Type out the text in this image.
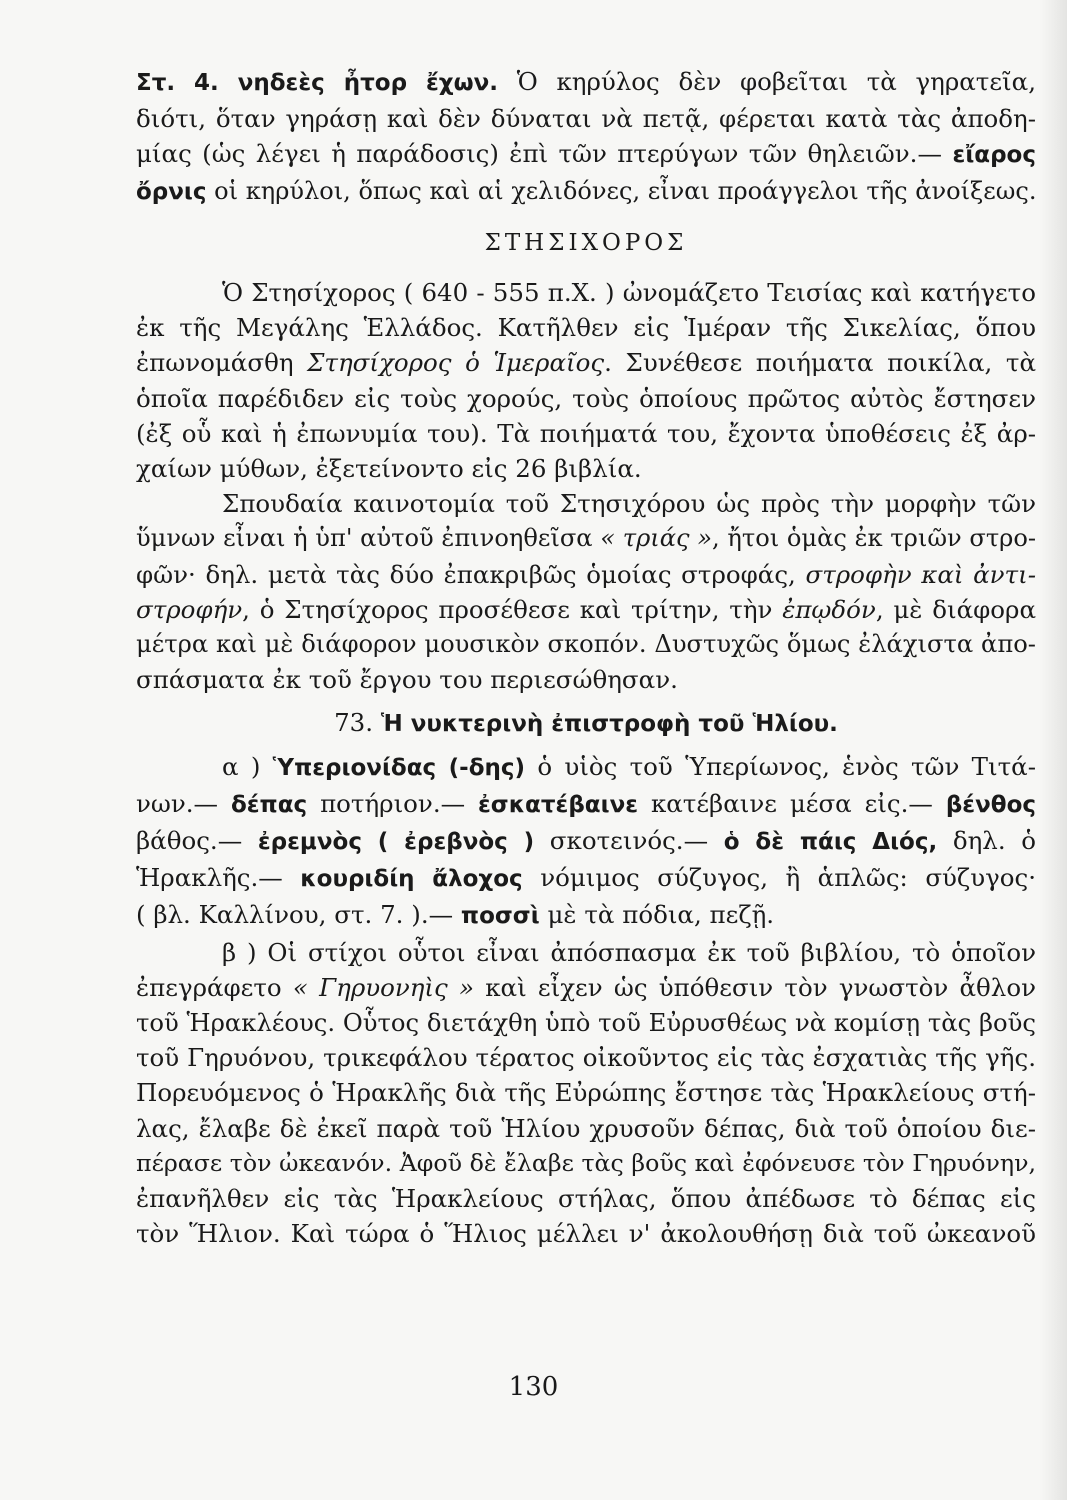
Στ. 4. νηδεὲς ἦτορ ἔχων. Ὁ κηρύλος δὲν φοβεῖται τὰ γηρατεῖα,
διότι, ὅταν γηράσῃ καὶ δὲν δύναται νὰ πετᾷ, φέρεται κατὰ τὰς ἀποδη-
μίας (ὡς λέγει ἡ παράδοσις) ἐπὶ τῶν πτερύγων τῶν θηλειῶν.— εἴαρος
ὄρνις οἱ κηρύλοι, ὅπως καὶ αἱ χελιδόνες, εἶναι προάγγελοι τῆς ἀνοίξεως.
ΣΤΗΣΙΧΟΡΟΣ
Ὁ Στησίχορος ( 640 - 555 π.Χ. ) ὠνομάζετο Τεισίας καὶ κατήγετο
ἐκ τῆς Μεγάλης Ἑλλάδος. Κατῆλθεν εἰς Ἱμέραν τῆς Σικελίας, ὅπου
ἐπωνομάσθη Στησίχορος ὁ Ἱμεραῖος. Συνέθεσε ποιήματα ποικίλα, τὰ
ὁποῖα παρέδιδεν εἰς τοὺς χορούς, τοὺς ὁποίους πρῶτος αὐτὸς ἔστησεν
(ἐξ οὗ καὶ ἡ ἐπωνυμία του). Τὰ ποιήματά του, ἔχοντα ὑποθέσεις ἐξ ἀρ-
χαίων μύθων, ἐξετείνοντο εἰς 26 βιβλία.
Σπουδαία καινοτομία τοῦ Στησιχόρου ὡς πρὸς τὴν μορφὴν τῶν
ὕμνων εἶναι ἡ ὑπ' αὐτοῦ ἐπινοηθεῖσα « τριάς », ἤτοι ὁμὰς ἐκ τριῶν στρο-
φῶν· δηλ. μετὰ τὰς δύο ἐπακριβῶς ὁμοίας στροφάς, στροφὴν καὶ ἀντι-
στροφήν, ὁ Στησίχορος προσέθεσε καὶ τρίτην, τὴν ἐπῳδόν, μὲ διάφορα
μέτρα καὶ μὲ διάφορον μουσικὸν σκοπόν. Δυστυχῶς ὅμως ἐλάχιστα ἀπο-
σπάσματα ἐκ τοῦ ἔργου του περιεσώθησαν.
73. Ἡ νυκτερινὴ ἐπιστροφὴ τοῦ Ἡλίου.
α ) Ὑπεριονίδας (-δης) ὁ υἱὸς τοῦ Ὑπερίωνος, ἑνὸς τῶν Τιτά-
νων.— δέπας ποτήριον.— ἐσκατέβαινε κατέβαινε μέσα εἰς.— βένθος
βάθος.— ἐρεμνὸς ( ἐρεβνὸς ) σκοτεινός.— ὁ δὲ πάις Διός, δηλ. ὁ
Ἡρακλῆς.— κουριδίη ἄλοχος νόμιμος σύζυγος, ἢ ἁπλῶς: σύζυγος·
( βλ. Καλλίνου, στ. 7. ).— ποσσὶ μὲ τὰ πόδια, πεζῇ.
β ) Οἱ στίχοι οὗτοι εἶναι ἀπόσπασμα ἐκ τοῦ βιβλίου, τὸ ὁποῖον
ἐπεγράφετο « Γηρυονηὶς » καὶ εἶχεν ὡς ὑπόθεσιν τὸν γνωστὸν ἆθλον
τοῦ Ἡρακλέους. Οὗτος διετάχθη ὑπὸ τοῦ Εὐρυσθέως νὰ κομίσῃ τὰς βοῦς
τοῦ Γηρυόνου, τρικεφάλου τέρατος οἰκοῦντος εἰς τὰς ἐσχατιὰς τῆς γῆς.
Πορευόμενος ὁ Ἡρακλῆς διὰ τῆς Εὐρώπης ἔστησε τὰς Ἡρακλείους στή-
λας, ἔλαβε δὲ ἐκεῖ παρὰ τοῦ Ἡλίου χρυσοῦν δέπας, διὰ τοῦ ὁποίου διε-
πέρασε τὸν ὠκεανόν. Ἀφοῦ δὲ ἔλαβε τὰς βοῦς καὶ ἐφόνευσε τὸν Γηρυόνην,
ἐπανῆλθεν εἰς τὰς Ἡρακλείους στήλας, ὅπου ἀπέδωσε τὸ δέπας εἰς
τὸν Ἥλιον. Καὶ τώρα ὁ Ἥλιος μέλλει ν' ἀκολουθήσῃ διὰ τοῦ ὠκεανοῦ
130
